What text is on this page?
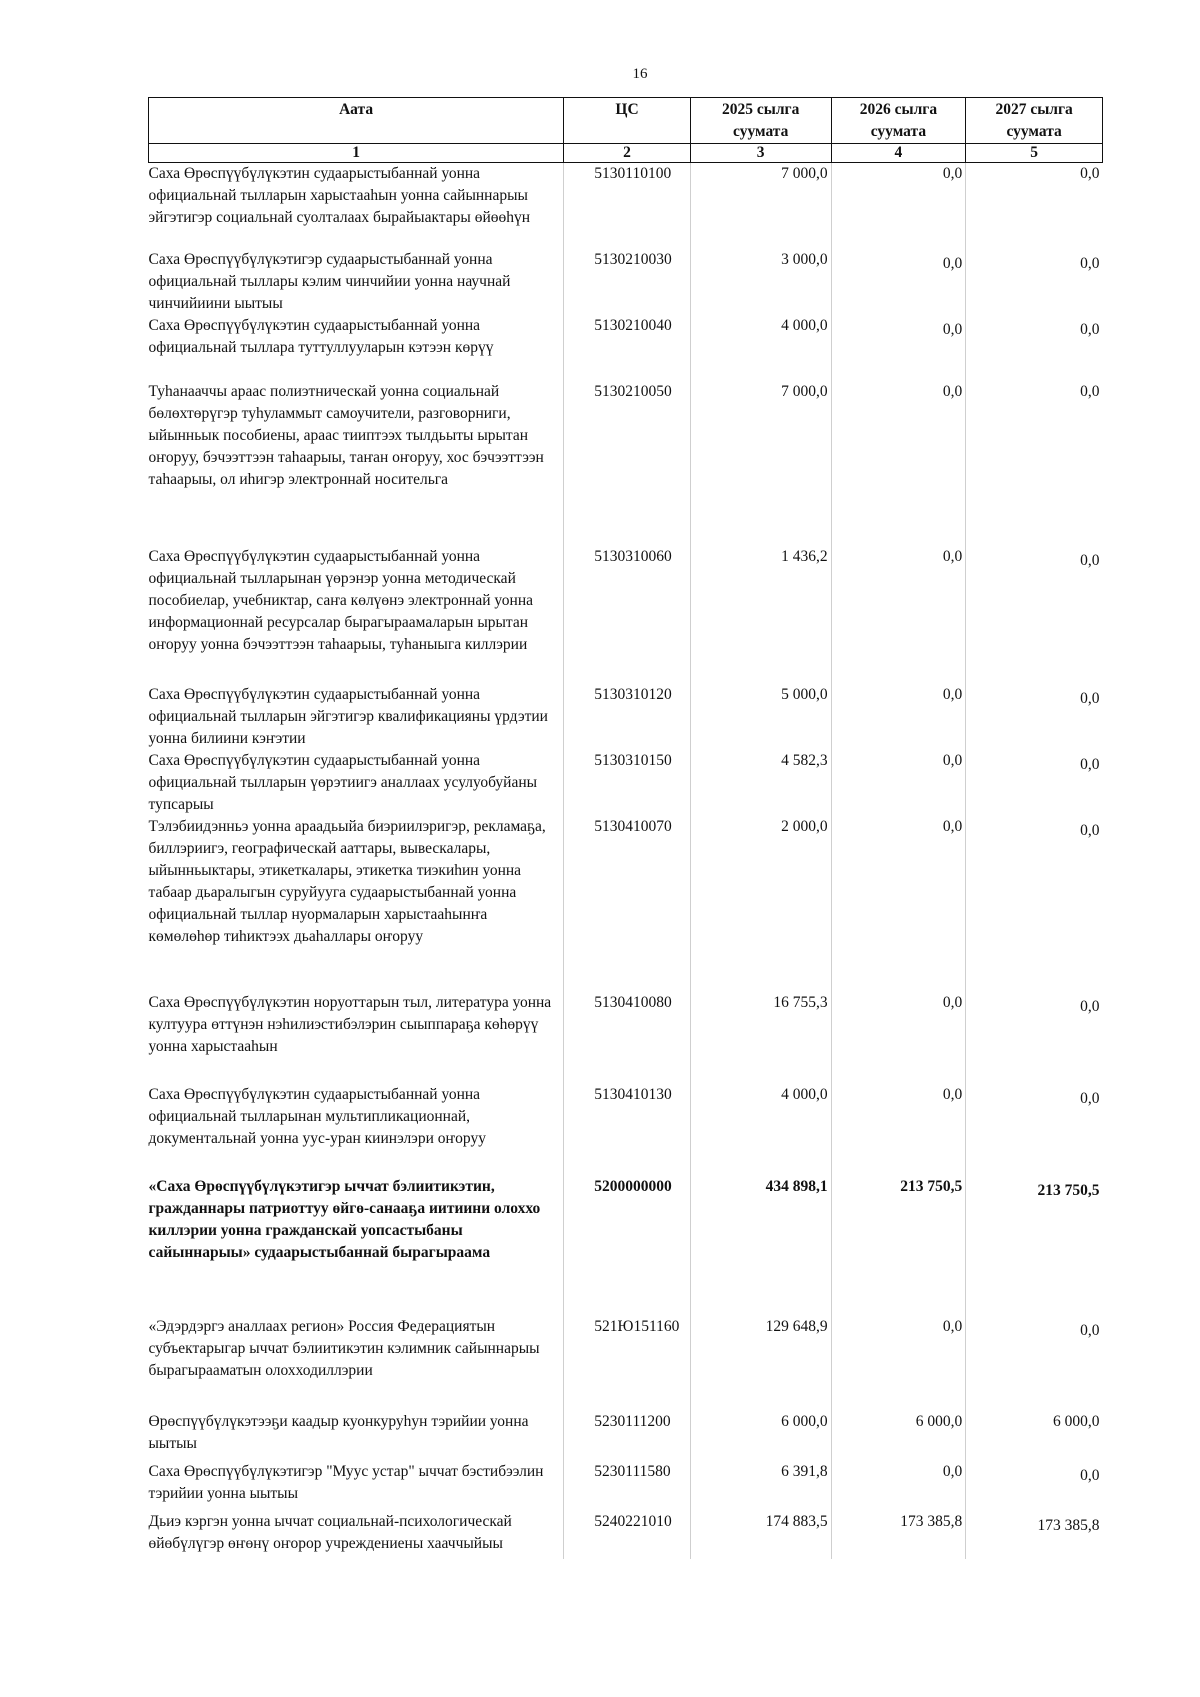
16
Аата	ЦС	2025 сылга суумата	2026 сылга суумата	2027 сылга суумата
1	2	3	4	5
Саха Өрөспүүбүлүкэтин судаарыстыбаннай уонна официальнай тылларын харыстааһын уонна сайыннарыы эйгэтигэр социальнай суолталаах бырайыактары өйөөһүн	5130110100	7 000,0	0,0	0,0
Саха Өрөспүүбүлүкэтигэр судаарыстыбаннай уонна официальнай тыллары кэлим чинчийии уонна научнай чинчийиини ыытыы	5130210030	3 000,0	0,0	0,0
Саха Өрөспүүбүлүкэтин судаарыстыбаннай уонна официальнай тыллара туттуллууларын кэтээн көрүү	5130210040	4 000,0	0,0	0,0
Туһанааччы араас полиэтническай уонна социальнай бөлөхтөрүгэр туһуламмыт самоучители, разговорниги, ыйынньык пособиены, араас тииптээх тылдьыты ырытан оҥоруу, бэчээттээн таһаарыы, таҥан оҥоруу, хос бэчээттээн таһаарыы, ол иһигэр электроннай носительга	5130210050	7 000,0	0,0	0,0
Саха Өрөспүүбүлүкэтин судаарыстыбаннай уонна официальнай тылларынан үөрэнэр уонна методическай пособиелар, учебниктар, саҥа көлүөнэ электроннай уонна информационнай ресурсалар бырагыраамаларын ырытан оҥоруу уонна бэчээттээн таһаарыы, туһаныыга киллэрии	5130310060	1 436,2	0,0	0,0
Саха Өрөспүүбүлүкэтин судаарыстыбаннай уонна официальнай тылларын эйгэтигэр квалификацияны үрдэтии уонна билиини кэҥэтии	5130310120	5 000,0	0,0	0,0
Саха Өрөспүүбүлүкэтин судаарыстыбаннай уонна официальнай тылларын үөрэтиигэ аналлаах усулуобуйаны тупсарыы	5130310150	4 582,3	0,0	0,0
Тэлэбиидэнньэ уонна араадьыйа биэриилэригэр, рекламаҕа, биллэриигэ, географическай ааттары, вывескалары, ыйынньыктары, этикеткалары, этикетка тиэкиһин уонна табаар дьаралыгын суруйууга судаарыстыбаннай уонна официальнай тыллар нуормаларын харыстааһынҥа көмөлөһөр тиһиктээх дьаһаллары оҥоруу	5130410070	2 000,0	0,0	0,0
Саха Өрөспүүбүлүкэтин норуоттарын тыл, литература уонна култуура өттүнэн нэһилиэстибэлэрин сыыппараҕа көһөрүү уонна харыстааһын	5130410080	16 755,3	0,0	0,0
Саха Өрөспүүбүлүкэтин судаарыстыбаннай уонна официальнай тылларынан мультипликационнай, документальнай уонна уус-уран киинэлэри оҥоруу	5130410130	4 000,0	0,0	0,0
«Саха Өрөспүүбүлүкэтигэр ыччат бэлиитикэтин, гражданнары патриоттуу өйгө-санааҕа иитиини олоххо киллэрии уонна гражданскай уопсастыбаны сайыннарыы» судаарыстыбаннай бырагыраама	5200000000	434 898,1	213 750,5	213 750,5
«Эдэрдэргэ аналлаах регион» Россия Федерациятын субъектарыгар ыччат бэлиитикэтин кэлимник сайыннарыы бырагырааматын олохходиллэрии	521Ю151160	129 648,9	0,0	0,0
Өрөспүүбүлүкэтээҕи каадыр куонкуруһун тэрийии уонна ыытыы	5230111200	6 000,0	6 000,0	6 000,0
Саха Өрөспүүбүлүкэтигэр "Муус устар" ыччат бэстибээлин тэрийии уонна ыытыы	5230111580	6 391,8	0,0	0,0
Дьиэ кэргэн уонна ыччат социальнай-психологическай өйөбүлүгэр өҥөнү оҥорор учреждениены хааччыйыы	5240221010	174 883,5	173 385,8	173 385,8
